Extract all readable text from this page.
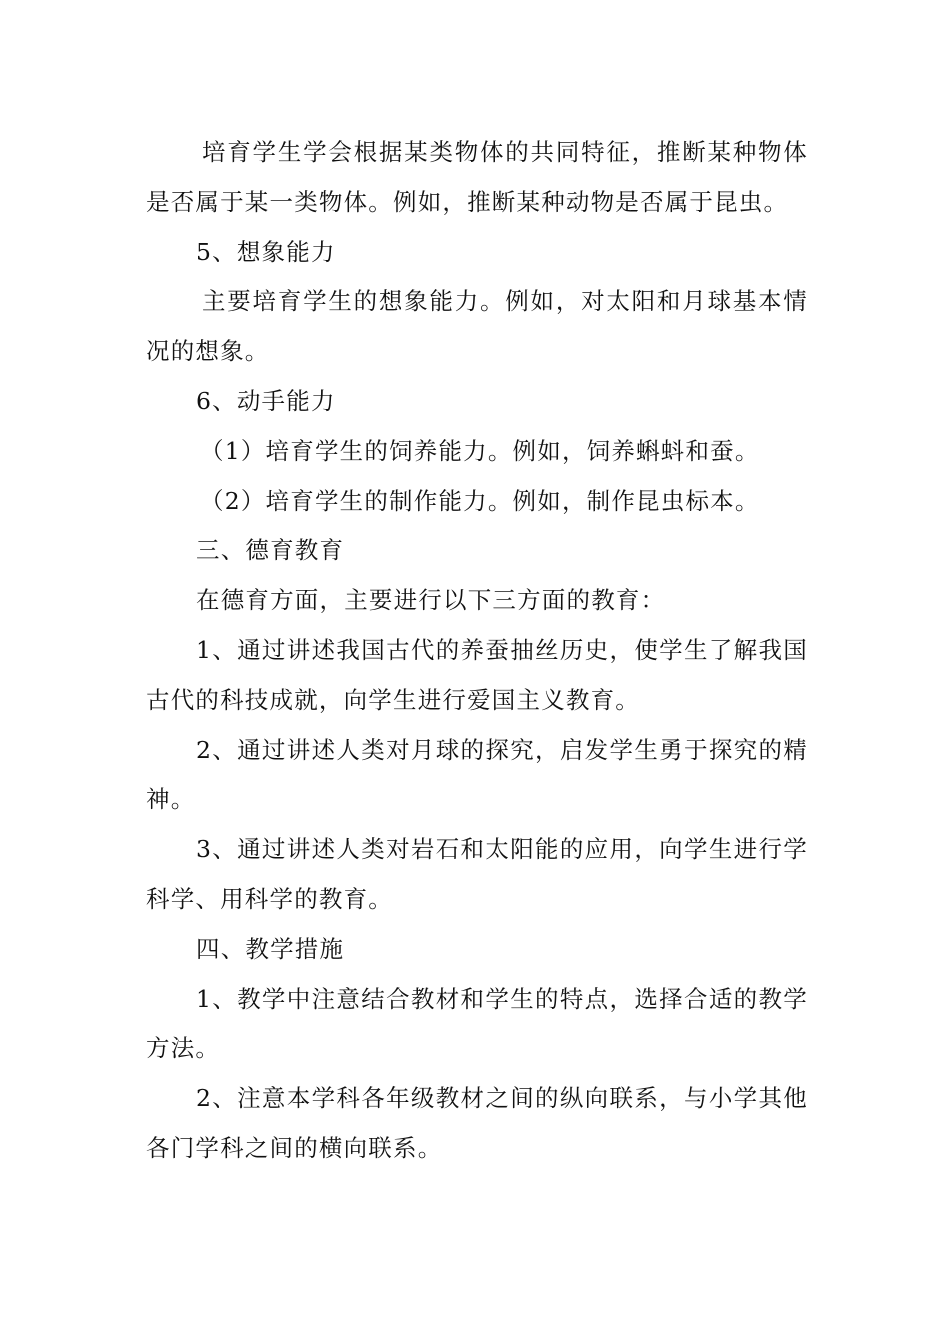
培育学生学会根据某类物体的共同特征，推断某种物体是否属于某一类物体。例如，推断某种动物是否属于昆虫。

5、想象能力

主要培育学生的想象能力。例如，对太阳和月球基本情况的想象。

6、动手能力

（1）培育学生的饲养能力。例如，饲养蝌蚪和蚕。

（2）培育学生的制作能力。例如，制作昆虫标本。

三、德育教育

在德育方面，主要进行以下三方面的教育：

1、通过讲述我国古代的养蚕抽丝历史，使学生了解我国古代的科技成就，向学生进行爱国主义教育。

2、通过讲述人类对月球的探究，启发学生勇于探究的精神。

3、通过讲述人类对岩石和太阳能的应用，向学生进行学科学、用科学的教育。

四、教学措施

1、教学中注意结合教材和学生的特点，选择合适的教学方法。

2、注意本学科各年级教材之间的纵向联系，与小学其他各门学科之间的横向联系。
